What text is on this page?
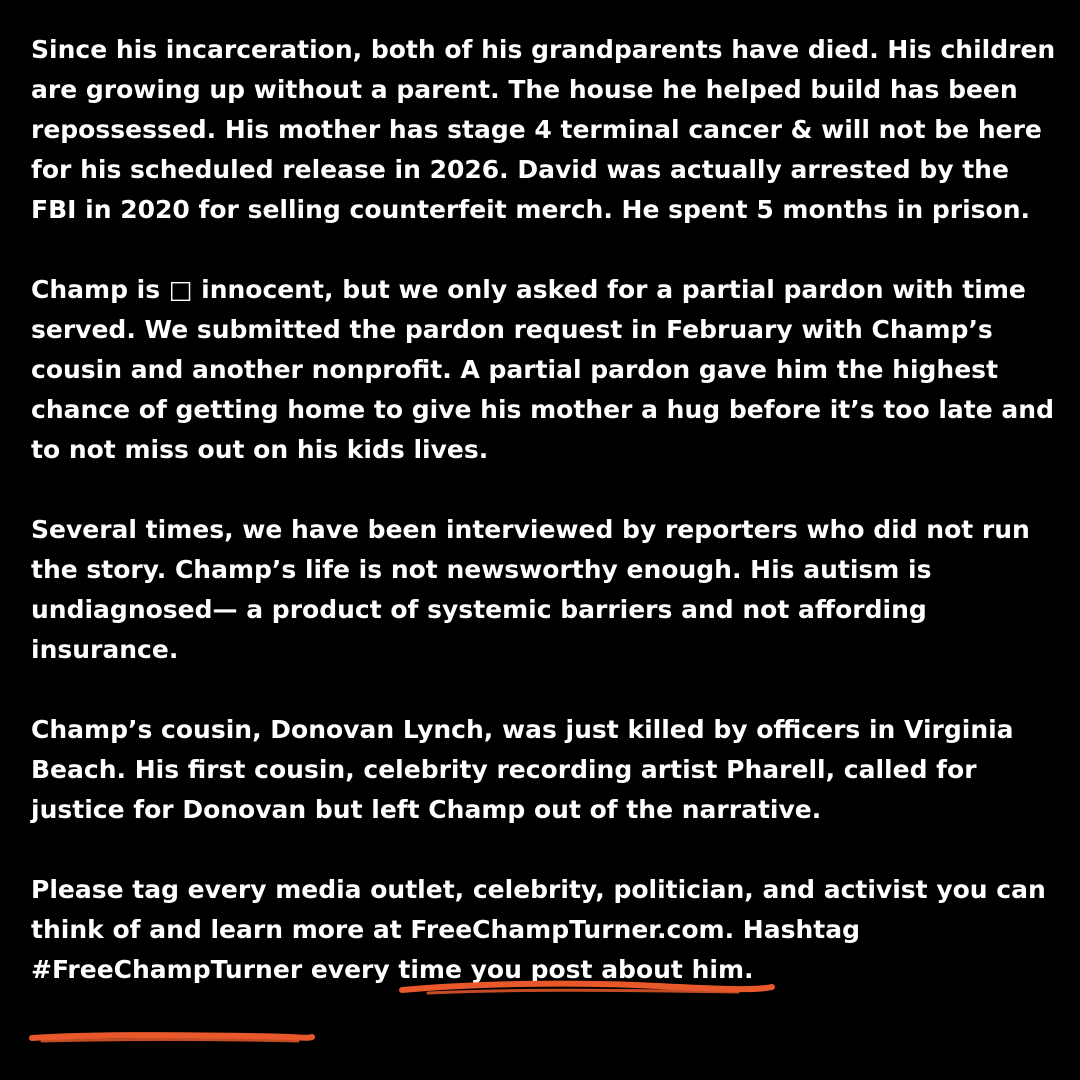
Since his incarceration, both of his grandparents have died. His children are growing up without a parent. The house he helped build has been repossessed. His mother has stage 4 terminal cancer & will not be here for his scheduled release in 2026. David was actually arrested by the FBI in 2020 for selling counterfeit merch. He spent 5 months in prison.

Champ is □ innocent, but we only asked for a partial pardon with time served. We submitted the pardon request in February with Champ’s cousin and another nonprofit. A partial pardon gave him the highest chance of getting home to give his mother a hug before it’s too late and to not miss out on his kids lives.

Several times, we have been interviewed by reporters who did not run the story. Champ’s life is not newsworthy enough. His autism is undiagnosed— a product of systemic barriers and not affording insurance.

Champ’s cousin, Donovan Lynch, was just killed by officers in Virginia Beach. His first cousin, celebrity recording artist Pharell, called for justice for Donovan but left Champ out of the narrative.

Please tag every media outlet, celebrity, politician, and activist you can think of and learn more at FreeChampTurner.com. Hashtag #FreeChampTurner every time you post about him.
